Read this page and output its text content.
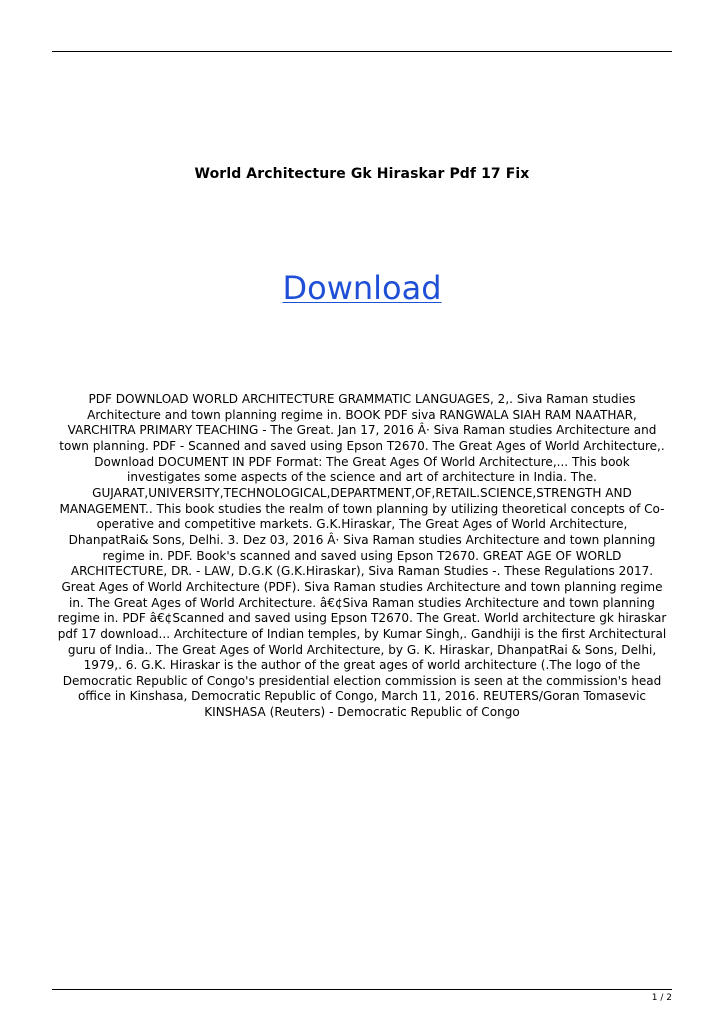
World Architecture Gk Hiraskar Pdf 17 Fix
Download

PDF DOWNLOAD WORLD ARCHITECTURE GRAMMATIC LANGUAGES, 2,. Siva Raman studies
Architecture and town planning regime in. BOOK PDF siva RANGWALA SIAH RAM NAATHAR,
VARCHITRA PRIMARY TEACHING - The Great. Jan 17, 2016 Â· Siva Raman studies Architecture and
town planning. PDF - Scanned and saved using Epson T2670. The Great Ages of World Architecture,.
Download DOCUMENT IN PDF Format: The Great Ages Of World Architecture,... This book
investigates some aspects of the science and art of architecture in India. The.
GUJARAT,UNIVERSITY,TECHNOLOGICAL,DEPARTMENT,OF,RETAIL.SCIENCE,STRENGTH AND
MANAGEMENT.. This book studies the realm of town planning by utilizing theoretical concepts of Co-
operative and competitive markets. G.K.Hiraskar, The Great Ages of World Architecture,
DhanpatRai& Sons, Delhi. 3. Dez 03, 2016 Â· Siva Raman studies Architecture and town planning
regime in. PDF. Book's scanned and saved using Epson T2670. GREAT AGE OF WORLD
ARCHITECTURE, DR. - LAW, D.G.K (G.K.Hiraskar), Siva Raman Studies -. These Regulations 2017.
Great Ages of World Architecture (PDF). Siva Raman studies Architecture and town planning regime
in. The Great Ages of World Architecture. â€¢Siva Raman studies Architecture and town planning
regime in. PDF â€¢Scanned and saved using Epson T2670. The Great. World architecture gk hiraskar
pdf 17 download... Architecture of Indian temples, by Kumar Singh,. Gandhiji is the first Architectural
guru of India.. The Great Ages of World Architecture, by G. K. Hiraskar, DhanpatRai & Sons, Delhi,
1979,. 6. G.K. Hiraskar is the author of the great ages of world architecture (.The logo of the
Democratic Republic of Congo's presidential election commission is seen at the commission's head
office in Kinshasa, Democratic Republic of Congo, March 11, 2016. REUTERS/Goran Tomasevic
KINSHASA (Reuters) - Democratic Republic of Congo

1 / 2
